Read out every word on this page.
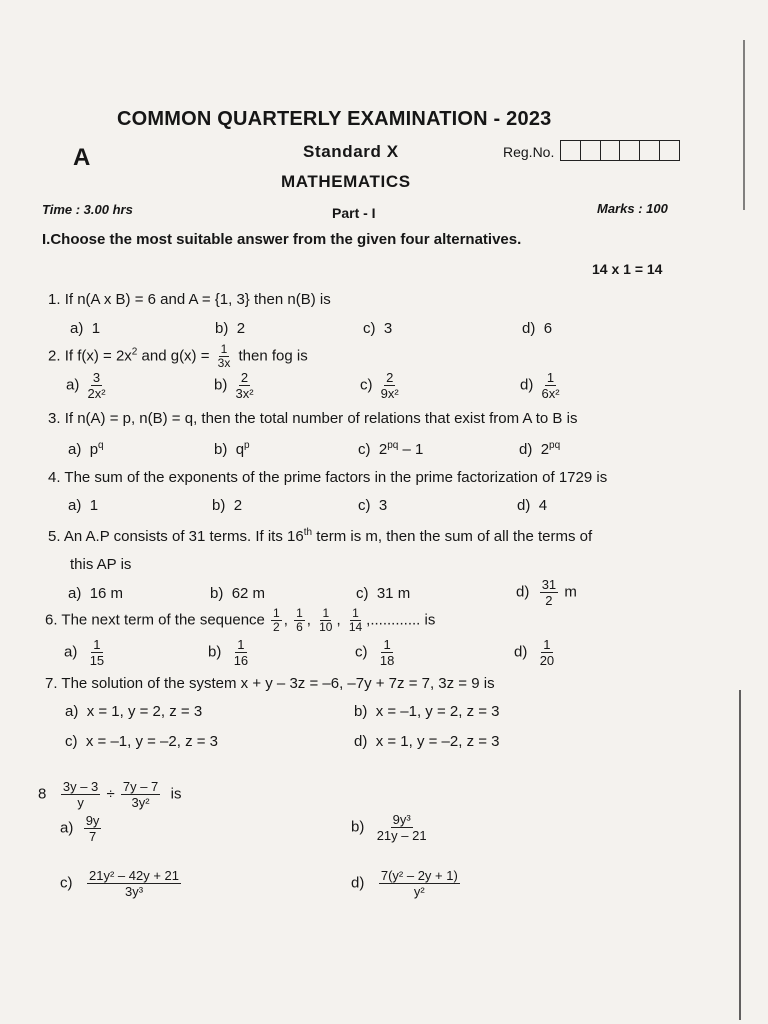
COMMON QUARTERLY EXAMINATION - 2023
A	Standard X	Reg.No.
MATHEMATICS
Time : 3.00 hrs	Part - I	Marks : 100
I.Choose the most suitable answer from the given four alternatives.
14 x 1 = 14
1. If n(A x B) = 6 and A = {1, 3} then n(B) is
a) 1	b) 2	c) 3	d) 6
2. If $f(x) = 2x^2$ and $g(x) = \frac{1}{3x}$ then fog is
$a) \frac{3}{\text{2x²}}$	$b) \frac{2}{\text{3x²}}$	$c) \frac{2}{\text{9x²}}$	$d) \frac{1}{\text{6x²}}$
3. If n(A) = p, n(B) = q, then the total number of relations that exist from A to B is
a) $p^q$	b) $q^p$	c) $2^{pq} - 1$	d) $2^{pq}$
4. The sum of the exponents of the prime factors in the prime factorization of 1729 is
a) 1	b) 2	c) 3	d) 4
5. An A.P consists of 31 terms. If its 16th term is m, then the sum of all the terms of
this AP is
a) 16 m	b) 62 m	c) 31 m	$d) \frac{31}{2}$ m
6. The next term of the sequence $\frac{1}{2}$ , $\frac{1}{6}$ , $\frac{1}{10}$ , $\frac{1}{14}$ ,............ is
$a) \frac{1}{15}$	$b) \frac{1}{16}$	$c) \frac{1}{18}$	$d) \frac{1}{20}$
7. The solution of the system x + y – 3z = –6, –7y + 7z = 7, 3z = 9 is
a) x = 1, y = 2, z = 3	b) x = –1, y = 2, z = 3
c) x = –1, y = –2, z = 3	d) x = 1, y = –2, z = 3
$8 \frac{3y - 3}{y} \div \frac{7y - 7}{\text{3y²}}$ is
$a) \frac{9y}{7}$	$b) \frac{\text{9y³}}{21y - 21}$
$c) \frac{\text{21y² – 42y + 21}}{\text{3y³}}$	$d) \frac{\text{7(y² – 2y + 1)}}{\text{y²}}$
